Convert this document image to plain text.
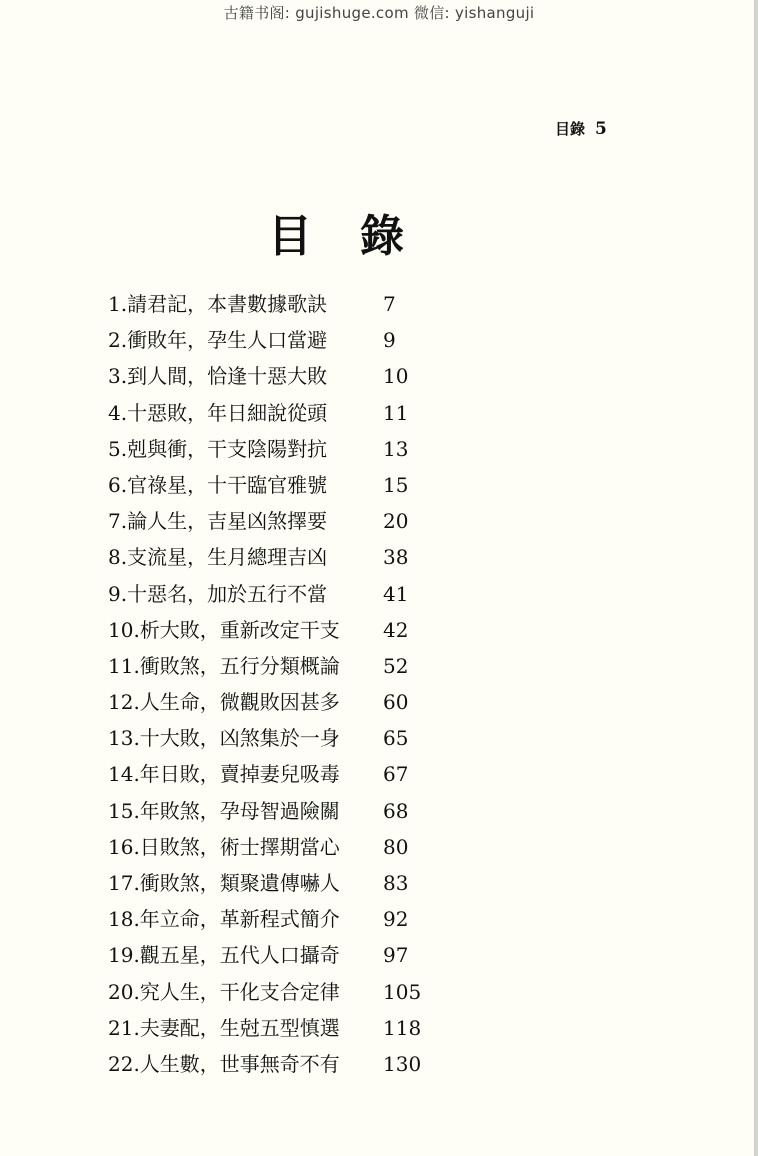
古籍书阁: gujishuge.com 微信: yishanguji
目錄 5
目錄
1.請君記，本書數據歌訣	7
2.衝敗年，孕生人口當避	9
3.到人間，恰逢十惡大敗	10
4.十惡敗，年日細說從頭	11
5.剋與衝，干支陰陽對抗	13
6.官祿星，十干臨官雅號	15
7.論人生，吉星凶煞擇要	20
8.支流星，生月總理吉凶	38
9.十惡名，加於五行不當	41
10.析大敗，重新改定干支 42
11.衝敗煞，五行分類概論 52
12.人生命，微觀敗因甚多 60
13.十大敗，凶煞集於一身 65
14.年日敗，賣掉妻兒吸毒 67
15.年敗煞，孕母智過險關 68
16.日敗煞，術士擇期當心 80
17.衝敗煞，類聚遺傳嚇人 83
18.年立命，革新程式簡介 92
19.觀五星，五代人口攝奇 97
20.究人生，干化支合定律 105
21.夫妻配，生尅五型慎選 118
22.人生數，世事無奇不有 130
